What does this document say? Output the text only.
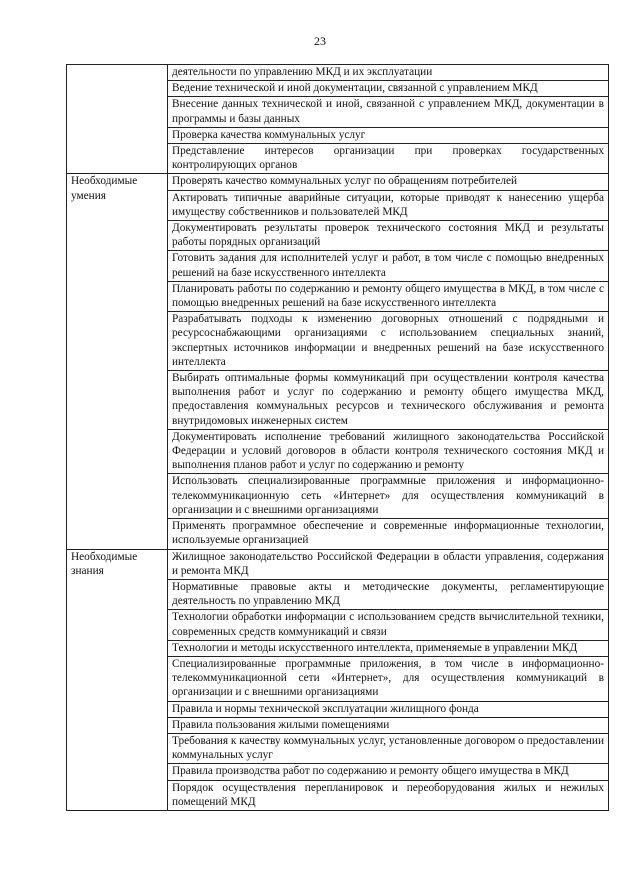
23
	деятельности по управлению МКД и их эксплуатации
	Ведение технической и иной документации, связанной с управлением МКД
	Внесение данных технической и иной, связанной с управлением МКД, документации в программы и базы данных
	Проверка качества коммунальных услуг
	Представление интересов организации при проверках государственных контролирующих органов
Необходимые умения	Проверять качество коммунальных услуг по обращениям потребителей
	Актировать типичные аварийные ситуации, которые приводят к нанесению ущерба имуществу собственников и пользователей МКД
	Документировать результаты проверок технического состояния МКД и результаты работы порядных организаций
	Готовить задания для исполнителей услуг и работ, в том числе с помощью внедренных решений на базе искусственного интеллекта
	Планировать работы по содержанию и ремонту общего имущества в МКД, в том числе с помощью внедренных решений на базе искусственного интеллекта
	Разрабатывать подходы к изменению договорных отношений с подрядными и ресурсоснабжающими организациями с использованием специальных знаний, экспертных источников информации и внедренных решений на базе искусственного интеллекта
	Выбирать оптимальные формы коммуникаций при осуществлении контроля качества выполнения работ и услуг по содержанию и ремонту общего имущества МКД, предоставления коммунальных ресурсов и технического обслуживания и ремонта внутридомовых инженерных систем
	Документировать исполнение требований жилищного законодательства Российской Федерации и условий договоров в области контроля технического состояния МКД и выполнения планов работ и услуг по содержанию и ремонту
	Использовать специализированные программные приложения и информационно-телекоммуникационную сеть «Интернет» для осуществления коммуникаций в организации и с внешними организациями
	Применять программное обеспечение и современные информационные технологии, используемые организацией
Необходимые знания	Жилищное законодательство Российской Федерации в области управления, содержания и ремонта МКД
	Нормативные правовые акты и методические документы, регламентирующие деятельность по управлению МКД
	Технологии обработки информации с использованием средств вычислительной техники, современных средств коммуникаций и связи
	Технологии и методы искусственного интеллекта, применяемые в управлении МКД
	Специализированные программные приложения, в том числе в информационно-телекоммуникационной сети «Интернет», для осуществления коммуникаций в организации и с внешними организациями
	Правила и нормы технической эксплуатации жилищного фонда
	Правила пользования жилыми помещениями
	Требования к качеству коммунальных услуг, установленные договором о предоставлении коммунальных услуг
	Правила производства работ по содержанию и ремонту общего имущества в МКД
	Порядок осуществления перепланировок и переоборудования жилых и нежилых помещений МКД
